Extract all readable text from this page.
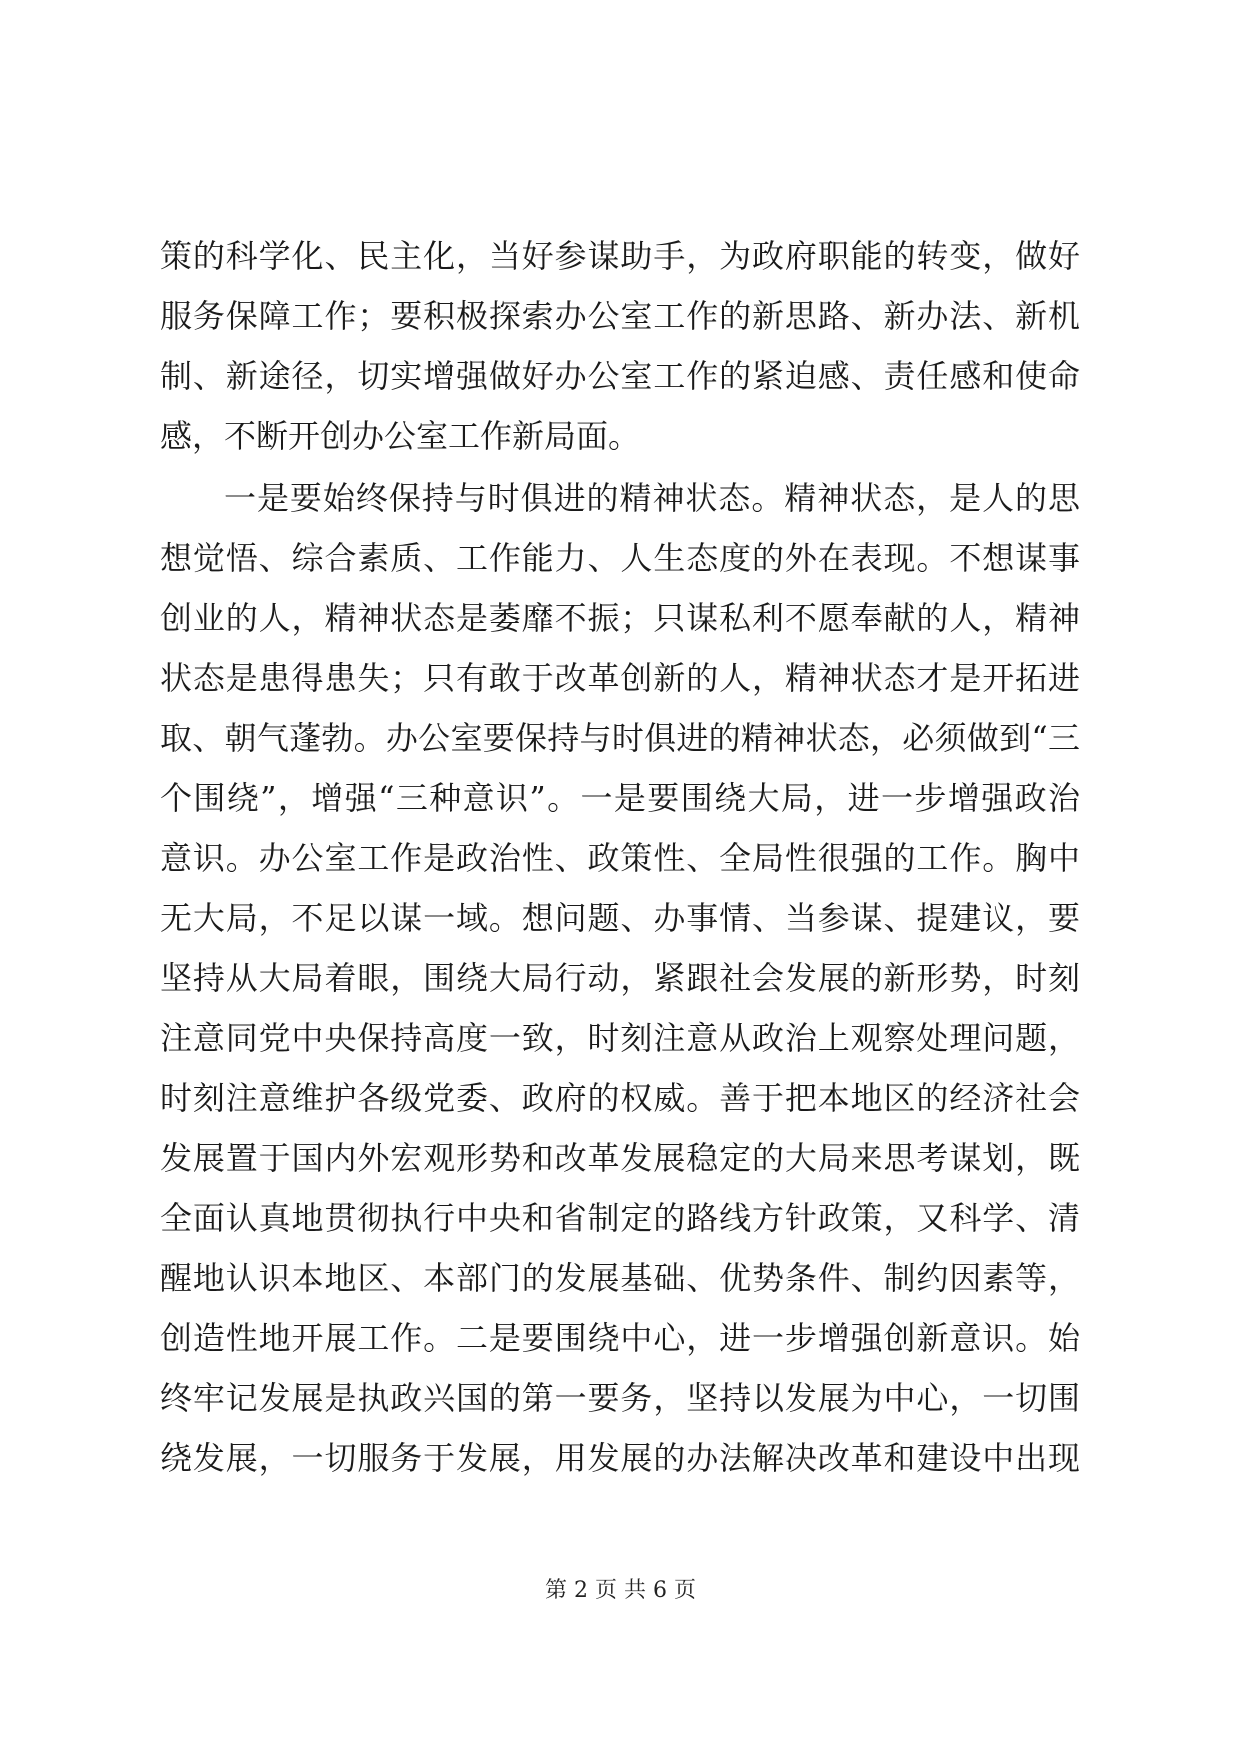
策的科学化、民主化，当好参谋助手，为政府职能的转变，做好
服务保障工作；要积极探索办公室工作的新思路、新办法、新机
制、新途径，切实增强做好办公室工作的紧迫感、责任感和使命
感，不断开创办公室工作新局面。
一是要始终保持与时俱进的精神状态。精神状态，是人的思
想觉悟、综合素质、工作能力、人生态度的外在表现。不想谋事
创业的人，精神状态是萎靡不振；只谋私利不愿奉献的人，精神
状态是患得患失；只有敢于改革创新的人，精神状态才是开拓进
取、朝气蓬勃。办公室要保持与时俱进的精神状态，必须做到“三
个围绕”，增强“三种意识”。一是要围绕大局，进一步增强政治
意识。办公室工作是政治性、政策性、全局性很强的工作。胸中
无大局，不足以谋一域。想问题、办事情、当参谋、提建议，要
坚持从大局着眼，围绕大局行动，紧跟社会发展的新形势，时刻
注意同党中央保持高度一致，时刻注意从政治上观察处理问题，
时刻注意维护各级党委、政府的权威。善于把本地区的经济社会
发展置于国内外宏观形势和改革发展稳定的大局来思考谋划，既
全面认真地贯彻执行中央和省制定的路线方针政策，又科学、清
醒地认识本地区、本部门的发展基础、优势条件、制约因素等，
创造性地开展工作。二是要围绕中心，进一步增强创新意识。始
终牢记发展是执政兴国的第一要务，坚持以发展为中心，一切围
绕发展，一切服务于发展，用发展的办法解决改革和建设中出现
第 2 页 共 6 页
